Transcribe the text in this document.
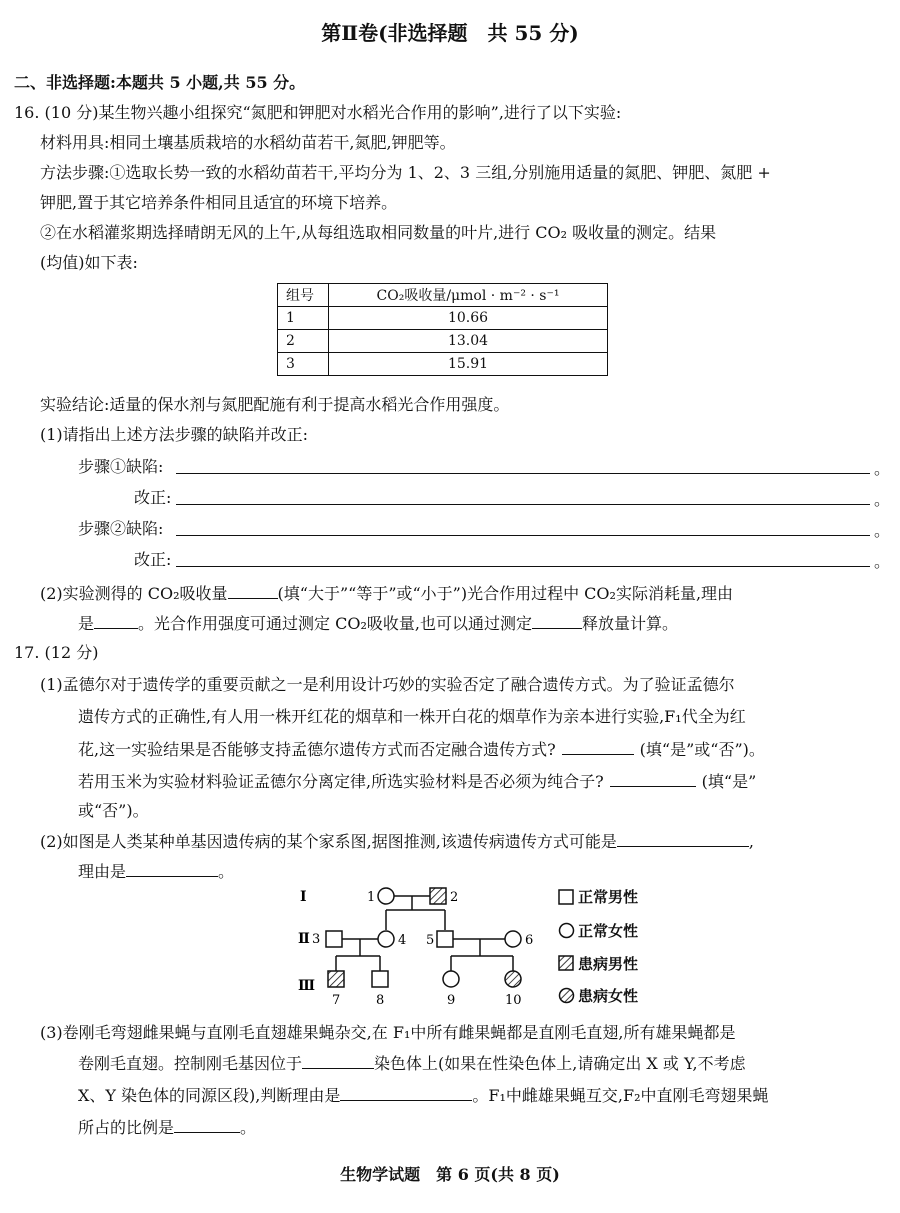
第Ⅱ卷(非选择题　共 55 分)
二、非选择题:本题共 5 小题,共 55 分。
16. (10 分)某生物兴趣小组探究“氮肥和钾肥对水稻光合作用的影响”,进行了以下实验:
材料用具:相同土壤基质栽培的水稻幼苗若干,氮肥,钾肥等。
方法步骤:①选取长势一致的水稻幼苗若干,平均分为 1、2、3 三组,分别施用适量的氮肥、钾肥、氮肥 +
钾肥,置于其它培养条件相同且适宜的环境下培养。
②在水稻灌浆期选择晴朗无风的上午,从每组选取相同数量的叶片,进行 CO₂ 吸收量的测定。结果
(均值)如下表:
组号	CO₂吸收量/μmol · m⁻² · s⁻¹
1	10.66
2	13.04
3	15.91
实验结论:适量的保水剂与氮肥配施有利于提高水稻光合作用强度。
(1)请指出上述方法步骤的缺陷并改正:
步骤①缺陷:	。
改正:	。
步骤②缺陷:	。
改正:	。
(2)实验测得的 CO₂吸收量	(填“大于”“等于”或“小于”)光合作用过程中 CO₂实际消耗量,理由
是	。光合作用强度可通过测定 CO₂吸收量,也可以通过测定	释放量计算。
17. (12 分)
(1)孟德尔对于遗传学的重要贡献之一是利用设计巧妙的实验否定了融合遗传方式。为了验证孟德尔
遗传方式的正确性,有人用一株开红花的烟草和一株开白花的烟草作为亲本进行实验,F₁代全为红
花,这一实验结果是否能够支持孟德尔遗传方式而否定融合遗传方式?	(填“是”或“否”)。
若用玉米为实验材料验证孟德尔分离定律,所选实验材料是否必须为纯合子?	(填“是”
或“否”)。
(2)如图是人类某种单基因遗传病的某个家系图,据图推测,该遗传病遗传方式可能是	,
理由是	。
Ⅰ
Ⅱ
Ⅲ
1	2
3	4 5	6
7	8	9	10
正常男性
正常女性
患病男性
患病女性
(3)卷刚毛弯翅雌果蝇与直刚毛直翅雄果蝇杂交,在 F₁中所有雌果蝇都是直刚毛直翅,所有雄果蝇都是
卷刚毛直翅。控制刚毛基因位于	染色体上(如果在性染色体上,请确定出 X 或 Y,不考虑
X、Y 染色体的同源区段),判断理由是	。F₁中雌雄果蝇互交,F₂中直刚毛弯翅果蝇
所占的比例是	。
生物学试题　第 6 页(共 8 页)
